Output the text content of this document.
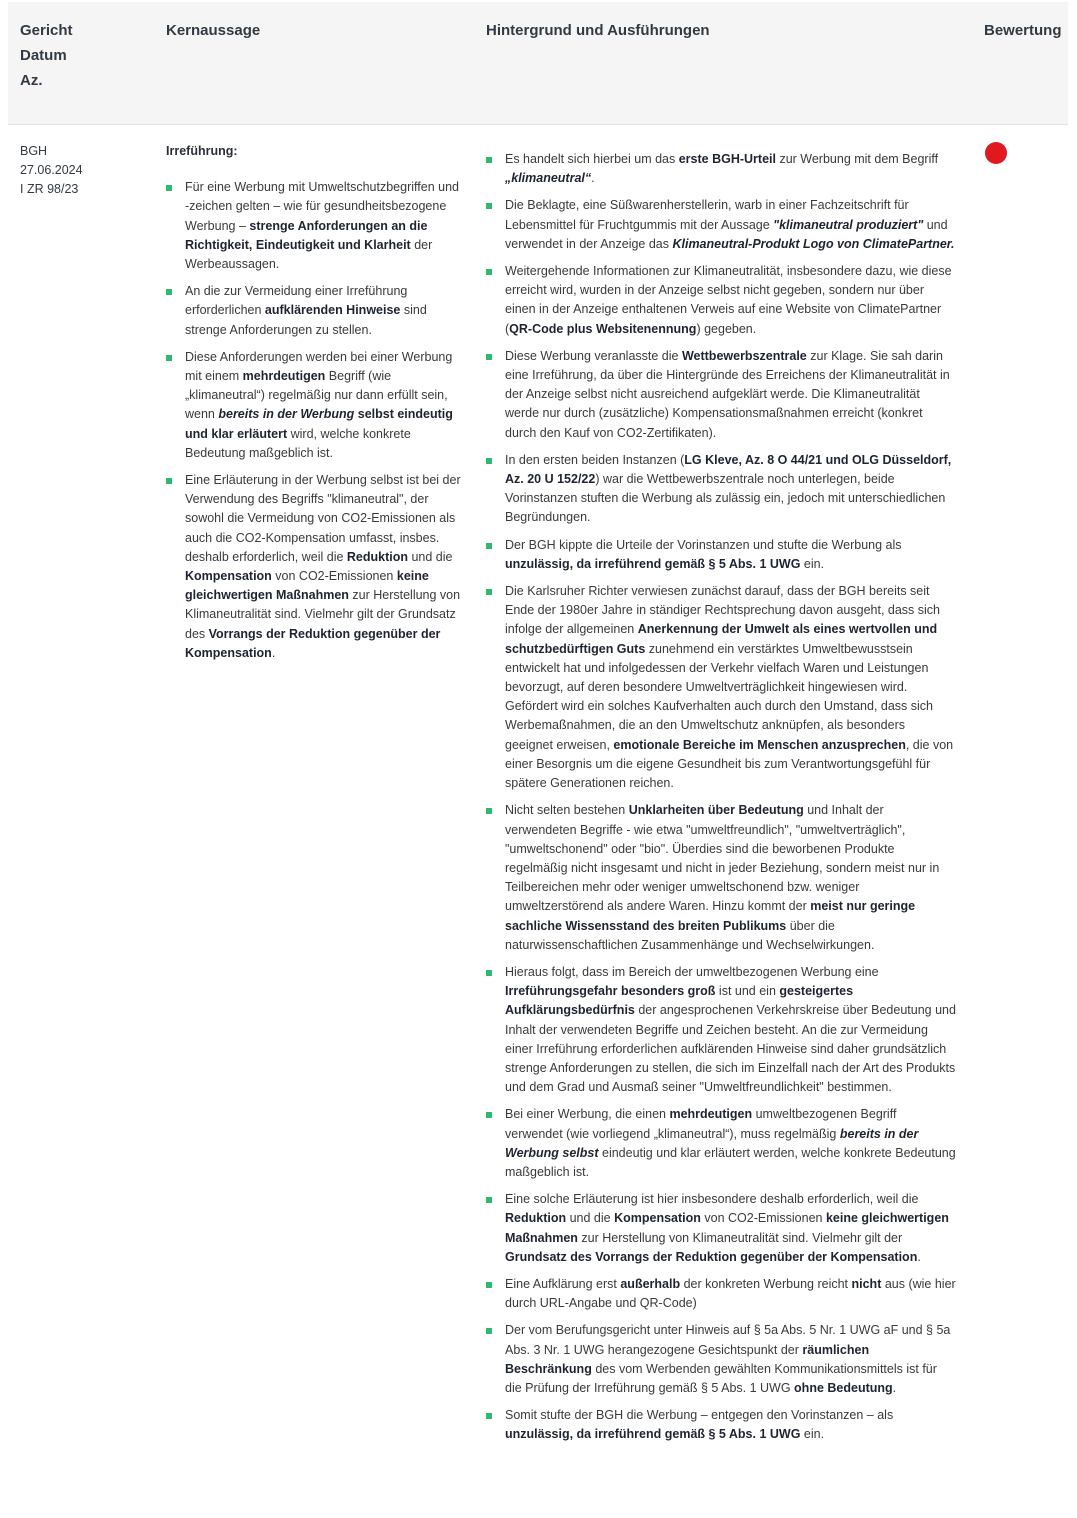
Gericht
Datum
Az.
Kernaussage	Hintergrund und Ausführungen	Bewertung
BGH
27.06.2024
I ZR 98/23
Irreführung:
Für eine Werbung mit Umweltschutzbegriffen und -zeichen gelten – wie für gesundheitsbezogene Werbung – strenge Anforderungen an die Richtigkeit, Eindeutigkeit und Klarheit der Werbeaussagen.
An die zur Vermeidung einer Irreführung erforderlichen aufklärenden Hinweise sind strenge Anforderungen zu stellen.
Diese Anforderungen werden bei einer Werbung mit einem mehrdeutigen Begriff (wie „klimaneutral“) regelmäßig nur dann erfüllt sein, wenn bereits in der Werbung selbst eindeutig und klar erläutert wird, welche konkrete Bedeutung maßgeblich ist.
Eine Erläuterung in der Werbung selbst ist bei der Verwendung des Begriffs "klimaneutral", der sowohl die Vermeidung von CO2-Emissionen als auch die CO2-Kompensation umfasst, insbes. deshalb erforderlich, weil die Reduktion und die Kompensation von CO2-Emissionen keine gleichwertigen Maßnahmen zur Herstellung von Klimaneutralität sind. Vielmehr gilt der Grundsatz des Vorrangs der Reduktion gegenüber der Kompensation.
Es handelt sich hierbei um das erste BGH-Urteil zur Werbung mit dem Begriff „klimaneutral“.
Die Beklagte, eine Süßwarenherstellerin, warb in einer Fachzeitschrift für Lebensmittel für Fruchtgummis mit der Aussage "klimaneutral produziert" und verwendet in der Anzeige das Klimaneutral-Produkt Logo von ClimatePartner.
Weitergehende Informationen zur Klimaneutralität, insbesondere dazu, wie diese erreicht wird, wurden in der Anzeige selbst nicht gegeben, sondern nur über einen in der Anzeige enthaltenen Verweis auf eine Website von ClimatePartner (QR-Code plus Websitenennung) gegeben.
Diese Werbung veranlasste die Wettbewerbszentrale zur Klage. Sie sah darin eine Irreführung, da über die Hintergründe des Erreichens der Klimaneutralität in der Anzeige selbst nicht ausreichend aufgeklärt werde. Die Klimaneutralität werde nur durch (zusätzliche) Kompensationsmaßnahmen erreicht (konkret durch den Kauf von CO2-Zertifikaten).
In den ersten beiden Instanzen (LG Kleve, Az. 8 O 44/21 und OLG Düsseldorf, Az. 20 U 152/22) war die Wettbewerbszentrale noch unterlegen, beide Vorinstanzen stuften die Werbung als zulässig ein, jedoch mit unterschiedlichen Begründungen.
Der BGH kippte die Urteile der Vorinstanzen und stufte die Werbung als unzulässig, da irreführend gemäß § 5 Abs. 1 UWG ein.
Die Karlsruher Richter verwiesen zunächst darauf, dass der BGH bereits seit Ende der 1980er Jahre in ständiger Rechtsprechung davon ausgeht, dass sich infolge der allgemeinen Anerkennung der Umwelt als eines wertvollen und schutzbedürftigen Guts zunehmend ein verstärktes Umweltbewusstsein entwickelt hat und infolgedessen der Verkehr vielfach Waren und Leistungen bevorzugt, auf deren besondere Umweltverträglichkeit hingewiesen wird. Gefördert wird ein solches Kaufverhalten auch durch den Umstand, dass sich Werbemaßnahmen, die an den Umweltschutz anknüpfen, als besonders geeignet erweisen, emotionale Bereiche im Menschen anzusprechen, die von einer Besorgnis um die eigene Gesundheit bis zum Verantwortungsgefühl für spätere Generationen reichen.
Nicht selten bestehen Unklarheiten über Bedeutung und Inhalt der verwendeten Begriffe - wie etwa "umweltfreundlich", "umweltverträglich", "umweltschonend" oder "bio". Überdies sind die beworbenen Produkte regelmäßig nicht insgesamt und nicht in jeder Beziehung, sondern meist nur in Teilbereichen mehr oder weniger umweltschonend bzw. weniger umweltzerstörend als andere Waren. Hinzu kommt der meist nur geringe sachliche Wissensstand des breiten Publikums über die naturwissenschaftlichen Zusammenhänge und Wechselwirkungen.
Hieraus folgt, dass im Bereich der umweltbezogenen Werbung eine Irreführungsgefahr besonders groß ist und ein gesteigertes Aufklärungsbedürfnis der angesprochenen Verkehrskreise über Bedeutung und Inhalt der verwendeten Begriffe und Zeichen besteht. An die zur Vermeidung einer Irreführung erforderlichen aufklärenden Hinweise sind daher grundsätzlich strenge Anforderungen zu stellen, die sich im Einzelfall nach der Art des Produkts und dem Grad und Ausmaß seiner "Umweltfreundlichkeit" bestimmen.
Bei einer Werbung, die einen mehrdeutigen umweltbezogenen Begriff verwendet (wie vorliegend „klimaneutral“), muss regelmäßig bereits in der Werbung selbst eindeutig und klar erläutert werden, welche konkrete Bedeutung maßgeblich ist.
Eine solche Erläuterung ist hier insbesondere deshalb erforderlich, weil die Reduktion und die Kompensation von CO2-Emissionen keine gleichwertigen Maßnahmen zur Herstellung von Klimaneutralität sind. Vielmehr gilt der Grundsatz des Vorrangs der Reduktion gegenüber der Kompensation.
Eine Aufklärung erst außerhalb der konkreten Werbung reicht nicht aus (wie hier durch URL-Angabe und QR-Code)
Der vom Berufungsgericht unter Hinweis auf § 5a Abs. 5 Nr. 1 UWG aF und § 5a Abs. 3 Nr. 1 UWG herangezogene Gesichtspunkt der räumlichen Beschränkung des vom Werbenden gewählten Kommunikationsmittels ist für die Prüfung der Irreführung gemäß § 5 Abs. 1 UWG ohne Bedeutung.
Somit stufte der BGH die Werbung – entgegen den Vorinstanzen – als unzulässig, da irreführend gemäß § 5 Abs. 1 UWG ein.
